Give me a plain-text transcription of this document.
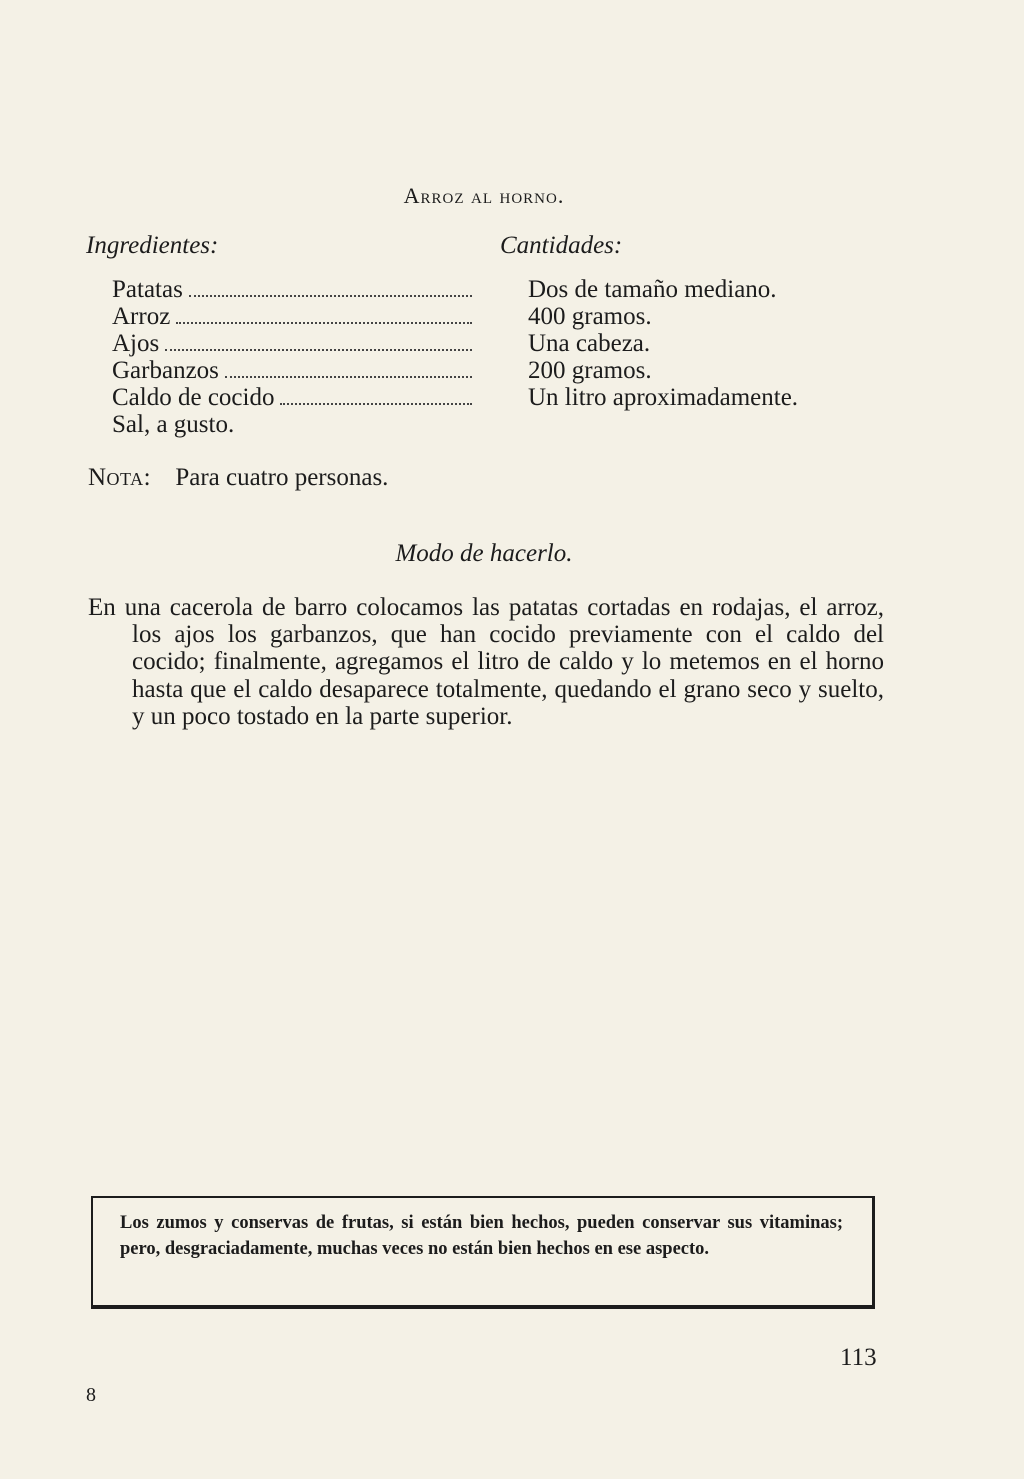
Arroz al horno.
Ingredientes:	Cantidades:
Patatas
Arroz
Ajos
Garbanzos
Caldo de cocido
Sal, a gusto.
Dos de tamaño mediano.
400 gramos.
Una cabeza.
200 gramos.
Un litro aproximadamente.
Nota: Para cuatro personas.
Modo de hacerlo.
En una cacerola de barro colocamos las patatas cortadas en rodajas, el arroz, los ajos los garbanzos, que han cocido previamente con el caldo del cocido; finalmente, agregamos el litro de caldo y lo metemos en el horno hasta que el caldo desaparece totalmente, quedando el grano seco y suelto, y un poco tostado en la parte superior.
Los zumos y conservas de frutas, si están bien hechos, pueden conservar sus vitaminas; pero, desgraciadamente, muchas veces no están bien hechos en ese aspecto.
113
8
